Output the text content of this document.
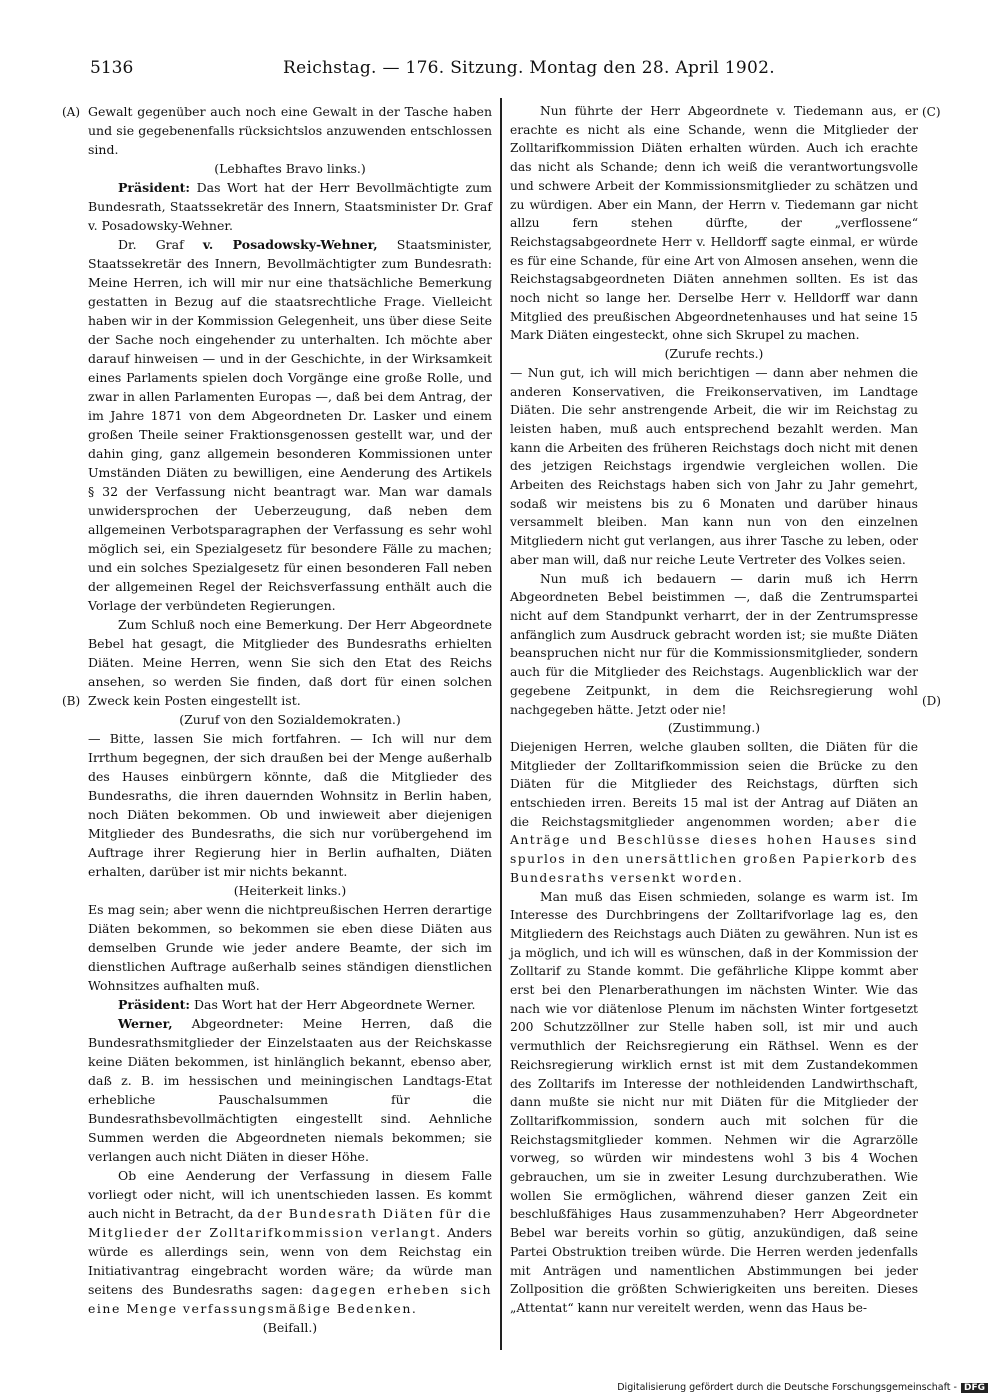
5136	Reichstag. — 176. Sitzung. Montag den 28. April 1902.
(A)
(B)
(C)
(D)

Gewalt gegenüber auch noch eine Gewalt in der Tasche haben und sie gegebenenfalls rücksichtslos anzuwenden entschlossen sind.

(Lebhaftes Bravo links.)

Präsident: Das Wort hat der Herr Bevollmächtigte zum Bundesrath, Staatssekretär des Innern, Staatsminister Dr. Graf v. Posadowsky-Wehner.

Dr. Graf v. Posadowsky-Wehner, Staatsminister, Staatssekretär des Innern, Bevollmächtigter zum Bundesrath: Meine Herren, ich will mir nur eine thatsächliche Bemerkung gestatten in Bezug auf die staatsrechtliche Frage. Vielleicht haben wir in der Kommission Gelegenheit, uns über diese Seite der Sache noch eingehender zu unterhalten. Ich möchte aber darauf hinweisen — und in der Geschichte, in der Wirksamkeit eines Parlaments spielen doch Vorgänge eine große Rolle, und zwar in allen Parlamenten Europas —, daß bei dem Antrag, der im Jahre 1871 von dem Abgeordneten Dr. Lasker und einem großen Theile seiner Fraktionsgenossen gestellt war, und der dahin ging, ganz allgemein besonderen Kommissionen unter Umständen Diäten zu bewilligen, eine Aenderung des Artikels § 32 der Verfassung nicht beantragt war. Man war damals unwidersprochen der Ueberzeugung, daß neben dem allgemeinen Verbotsparagraphen der Verfassung es sehr wohl möglich sei, ein Spezialgesetz für besondere Fälle zu machen; und ein solches Spezialgesetz für einen besonderen Fall neben der allgemeinen Regel der Reichsverfassung enthält auch die Vorlage der verbündeten Regierungen.

Zum Schluß noch eine Bemerkung. Der Herr Abgeordnete Bebel hat gesagt, die Mitglieder des Bundesraths erhielten Diäten. Meine Herren, wenn Sie sich den Etat des Reichs ansehen, so werden Sie finden, daß dort für einen solchen Zweck kein Posten eingestellt ist.

(Zuruf von den Sozialdemokraten.)

— Bitte, lassen Sie mich fortfahren. — Ich will nur dem Irrthum begegnen, der sich draußen bei der Menge außerhalb des Hauses einbürgern könnte, daß die Mitglieder des Bundesraths, die ihren dauernden Wohnsitz in Berlin haben, noch Diäten bekommen. Ob und inwieweit aber diejenigen Mitglieder des Bundesraths, die sich nur vorübergehend im Auftrage ihrer Regierung hier in Berlin aufhalten, Diäten erhalten, darüber ist mir nichts bekannt.

(Heiterkeit links.)

Es mag sein; aber wenn die nichtpreußischen Herren derartige Diäten bekommen, so bekommen sie eben diese Diäten aus demselben Grunde wie jeder andere Beamte, der sich im dienstlichen Auftrage außerhalb seines ständigen dienstlichen Wohnsitzes aufhalten muß.

Präsident: Das Wort hat der Herr Abgeordnete Werner.

Werner, Abgeordneter: Meine Herren, daß die Bundesrathsmitglieder der Einzelstaaten aus der Reichskasse keine Diäten bekommen, ist hinlänglich bekannt, ebenso aber, daß z. B. im hessischen und meiningischen Landtags-Etat erhebliche Pauschalsummen für die Bundesrathsbevollmächtigten eingestellt sind. Aehnliche Summen werden die Abgeordneten niemals bekommen; sie verlangen auch nicht Diäten in dieser Höhe.

Ob eine Aenderung der Verfassung in diesem Falle vorliegt oder nicht, will ich unentschieden lassen. Es kommt auch nicht in Betracht, da der Bundesrath Diäten für die Mitglieder der Zolltarifkommission verlangt. Anders würde es allerdings sein, wenn von dem Reichstag ein Initiativantrag eingebracht worden wäre; da würde man seitens des Bundesraths sagen: dagegen erheben sich eine Menge verfassungsmäßige Bedenken.

(Beifall.)

Nun führte der Herr Abgeordnete v. Tiedemann aus, er erachte es nicht als eine Schande, wenn die Mitglieder der Zolltarifkommission Diäten erhalten würden. Auch ich erachte das nicht als Schande; denn ich weiß die verantwortungsvolle und schwere Arbeit der Kommissionsmitglieder zu schätzen und zu würdigen. Aber ein Mann, der Herrn v. Tiedemann gar nicht allzu fern stehen dürfte, der „verflossene“ Reichstagsabgeordnete Herr v. Helldorff sagte einmal, er würde es für eine Schande, für eine Art von Almosen ansehen, wenn die Reichstagsabgeordneten Diäten annehmen sollten. Es ist das noch nicht so lange her. Derselbe Herr v. Helldorff war dann Mitglied des preußischen Abgeordnetenhauses und hat seine 15 Mark Diäten eingesteckt, ohne sich Skrupel zu machen.

(Zurufe rechts.)

— Nun gut, ich will mich berichtigen — dann aber nehmen die anderen Konservativen, die Freikonservativen, im Landtage Diäten. Die sehr anstrengende Arbeit, die wir im Reichstag zu leisten haben, muß auch entsprechend bezahlt werden. Man kann die Arbeiten des früheren Reichstags doch nicht mit denen des jetzigen Reichstags irgendwie vergleichen wollen. Die Arbeiten des Reichstags haben sich von Jahr zu Jahr gemehrt, sodaß wir meistens bis zu 6 Monaten und darüber hinaus versammelt bleiben. Man kann nun von den einzelnen Mitgliedern nicht gut verlangen, aus ihrer Tasche zu leben, oder aber man will, daß nur reiche Leute Vertreter des Volkes seien.

Nun muß ich bedauern — darin muß ich Herrn Abgeordneten Bebel beistimmen —, daß die Zentrumspartei nicht auf dem Standpunkt verharrt, der in der Zentrumspresse anfänglich zum Ausdruck gebracht worden ist; sie mußte Diäten beanspruchen nicht nur für die Kommissionsmitglieder, sondern auch für die Mitglieder des Reichstags. Augenblicklich war der gegebene Zeitpunkt, in dem die Reichsregierung wohl nachgegeben hätte. Jetzt oder nie!

(Zustimmung.)

Diejenigen Herren, welche glauben sollten, die Diäten für die Mitglieder der Zolltarifkommission seien die Brücke zu den Diäten für die Mitglieder des Reichstags, dürften sich entschieden irren. Bereits 15 mal ist der Antrag auf Diäten an die Reichstagsmitglieder angenommen worden; aber die Anträge und Beschlüsse dieses hohen Hauses sind spurlos in den unersättlichen großen Papierkorb des Bundesraths versenkt worden.

Man muß das Eisen schmieden, solange es warm ist. Im Interesse des Durchbringens der Zolltarifvorlage lag es, den Mitgliedern des Reichstags auch Diäten zu gewähren. Nun ist es ja möglich, und ich will es wünschen, daß in der Kommission der Zolltarif zu Stande kommt. Die gefährliche Klippe kommt aber erst bei den Plenarberathungen im nächsten Winter. Wie das nach wie vor diätenlose Plenum im nächsten Winter fortgesetzt 200 Schutzzöllner zur Stelle haben soll, ist mir und auch vermuthlich der Reichsregierung ein Räthsel. Wenn es der Reichsregierung wirklich ernst ist mit dem Zustandekommen des Zolltarifs im Interesse der nothleidenden Landwirthschaft, dann mußte sie nicht nur mit Diäten für die Mitglieder der Zolltarifkommission, sondern auch mit solchen für die Reichstagsmitglieder kommen. Nehmen wir die Agrarzölle vorweg, so würden wir mindestens wohl 3 bis 4 Wochen gebrauchen, um sie in zweiter Lesung durchzuberathen. Wie wollen Sie ermöglichen, während dieser ganzen Zeit ein beschlußfähiges Haus zusammenzuhaben? Herr Abgeordneter Bebel war bereits vorhin so gütig, anzukündigen, daß seine Partei Obstruktion treiben würde. Die Herren werden jedenfalls mit Anträgen und namentlichen Abstimmungen bei jeder Zollposition die größten Schwierigkeiten uns bereiten. Dieses „Attentat“ kann nur vereitelt werden, wenn das Haus be-

Digitalisierung gefördert durch die Deutsche Forschungsgemeinschaft - DFG
